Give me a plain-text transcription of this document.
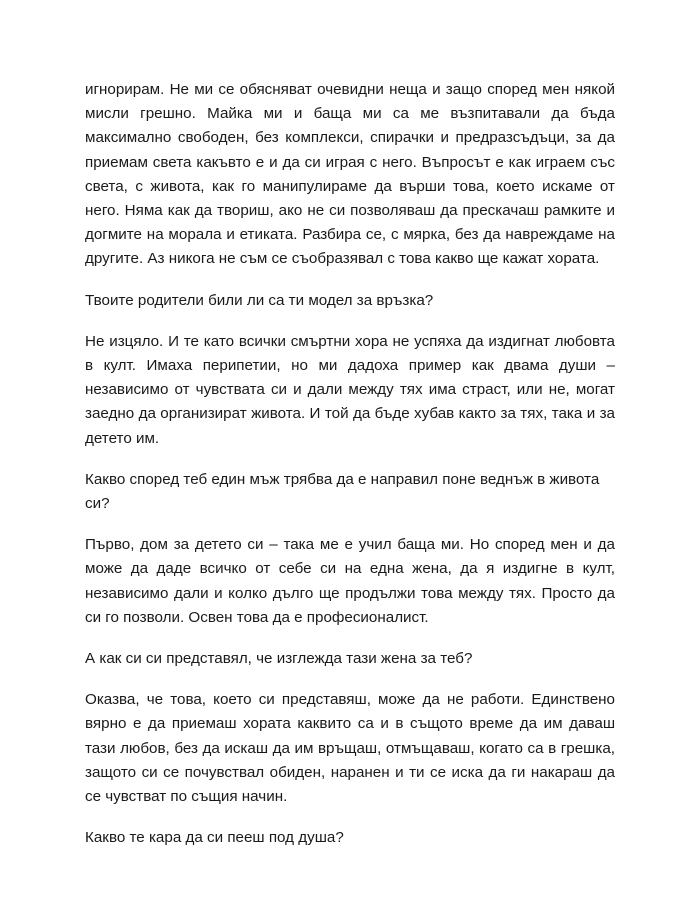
игнорирам. Не ми се обясняват очевидни неща и защо според мен някой мисли грешно. Майка ми и баща ми са ме възпитавали да бъда максимално свободен, без комплекси, спирачки и предразсъдъци, за да приемам света какъвто е и да си играя с него. Въпросът е как играем със света, с живота, как го манипулираме да върши това, което искаме от него. Няма как да твориш, ако не си позволяваш да прескачаш рамките и догмите на морала и етиката. Разбира се, с мярка, без да навреждаме на другите. Аз никога не съм се съобразявал с това какво ще кажат хората.

Твоите родители били ли са ти модел за връзка?

Не изцяло. И те като всички смъртни хора не успяха да издигнат любовта в култ. Имаха перипетии, но ми дадоха пример как двама души – независимо от чувствата си и дали между тях има страст, или не, могат заедно да организират живота. И той да бъде хубав както за тях, така и за детето им.

Какво според теб един мъж трябва да е направил поне веднъж в живота си?

Първо, дом за детето си – така ме е учил баща ми. Но според мен и да може да даде всичко от себе си на една жена, да я издигне в култ, независимо дали и колко дълго ще продължи това между тях. Просто да си го позволи. Освен това да е професионалист.

А как си си представял, че изглежда тази жена за теб?

Оказва, че това, което си представяш, може да не работи. Единствено вярно е да приемаш хората каквито са и в същото време да им даваш тази любов, без да искаш да им връщаш, отмъщаваш, когато са в грешка, защото си се почувствал обиден, наранен и ти се иска да ги накараш да се чувстват по същия начин.

Какво те кара да си пееш под душа?
